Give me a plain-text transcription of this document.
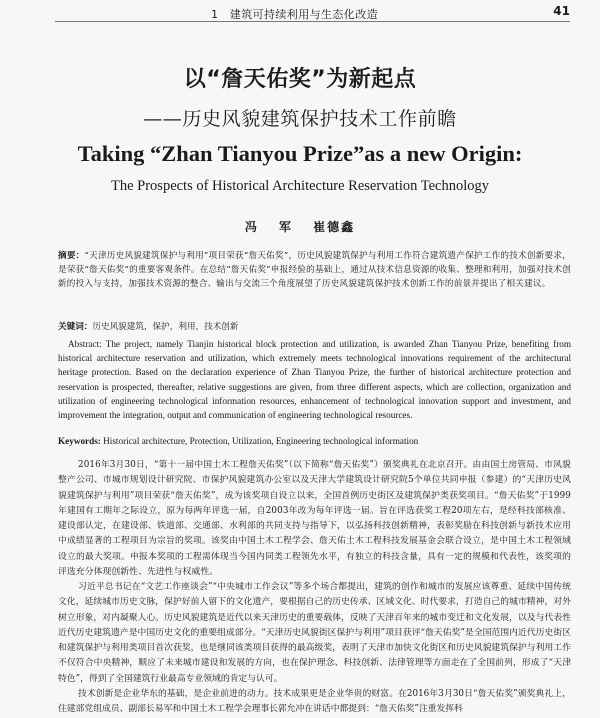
1　建筑可持续利用与生态化改造	41
以“詹天佑奖”为新起点
——历史风貌建筑保护技术工作前瞻
Taking “Zhan Tianyou Prize”as a new Origin:
The Prospects of Historical Architecture Reservation Technology
冯 军 崔德鑫
摘要：“天津历史风貌建筑保护与利用”项目荣获“詹天佑奖”，历史风貌建筑保护与利用工作符合建筑遗产保护工作的技术创新要求，是荣获“詹天佑奖”的重要客观条件。在总结“詹天佑奖”申报经验的基础上，通过从技术信息资源的收集、整理和利用，加强对技术创新的投入与支持，加强技术资源的整合、输出与交流三个角度展望了历史风貌建筑保护技术创新工作的前景并提出了相关建议。
关键词：历史风貌建筑，保护，利用，技术创新
Abstract: The project, namely Tianjin historical block protection and utilization, is awarded Zhan Tianyou Prize, benefiting from historical architecture reservation and utilization, which extremely meets technological innovations requirement of the architectural heritage protection. Based on the declaration experience of Zhan Tianyou Prize, the further of historical architecture protection and reservation is prospected, thereafter, relative suggestions are given, from three different aspects, which are collection, organization and utilization of engineering technological information resources, enhancement of technological innovation support and investment, and improvement the integration, output and communication of engineering technological resources.
Keywords: Historical architecture, Protection, Utilization, Engineering technological information

2016年3月30日，“第十一届中国土木工程詹天佑奖”（以下简称“詹天佑奖”）颁奖典礼在北京召开。由由国土房管局、市风貌整产公司、市城市规划设计研究院、市保护风貌建筑办公室以及天津大学建筑设计研究院5个单位共同申报（参建）的“天津历史风貌建筑保护与利用”项目荣获“詹天佑奖”，成为该奖项自设立以来，全国首例历史街区及建筑保护类获奖项目。“詹天佑奖”于1999年建国有工期年之际设立，原为每两年评选一届，自2003年改为每年评选一届。旨在评选获奖工程20项左右，是经科技部核准、建设部认定，在建设部、铁道部、交通部、水利部的共同支持与指导下，以弘扬科技创新精神，表彰奖励在科技创新与新技术应用中成绩显著的工程项目为宗旨的奖项。该奖由中国土木工程学会、詹天佑土木工程科技发展基金会联合设立，是中国土木工程领域设立的最大奖项。申报本奖项的工程需体现当今国内同类工程领先水平，有独立的科技含量，具有一定的规模和代表性，该奖项的评选充分体现创新性、先进性与权威性。

习近平总书记在“文艺工作座谈会”“中央城市工作会议”等多个场合都提出，建筑的创作和城市的发展应该尊重、延续中国传统文化，延续城市历史文脉，保护好前人留下的文化遗产，要根据自己的历史传承、区域文化、时代要求，打造自己的城市精神，对外树立形象，对内凝聚人心。历史风貌建筑是近代以来天津历史的重要载体，反映了天津百年来的城市变迁和文化发展，以及与代表性近代历史建筑遗产是中国历史文化的重要组成部分。“天津历史风貌街区保护与利用”项目获评“詹天佑奖”是全国范围内近代历史街区和建筑保护与利用类项目首次获奖，也是继同该类项目获得的最高级奖，表明了天津市加快文化街区和历史风貌建筑保护与利用工作不仅符合中央精神，顺应了未来城市建设和发展的方向，也在保护理念、科技创新、法律管理等方面走在了全国前列，形成了“天津特色”，得到了全国建筑行业最高专业领域的肯定与认可。

技术创新是企业华东的基础，是企业前进的动力。技术成果更是企业华贵的财富。在2016年3月30日“詹天佑奖”颁奖典礼上，住建部党组成员、副部长易军和中国土木工程学会理事长郭允冲在讲话中都提到：“詹天佑奖”注重发挥科
